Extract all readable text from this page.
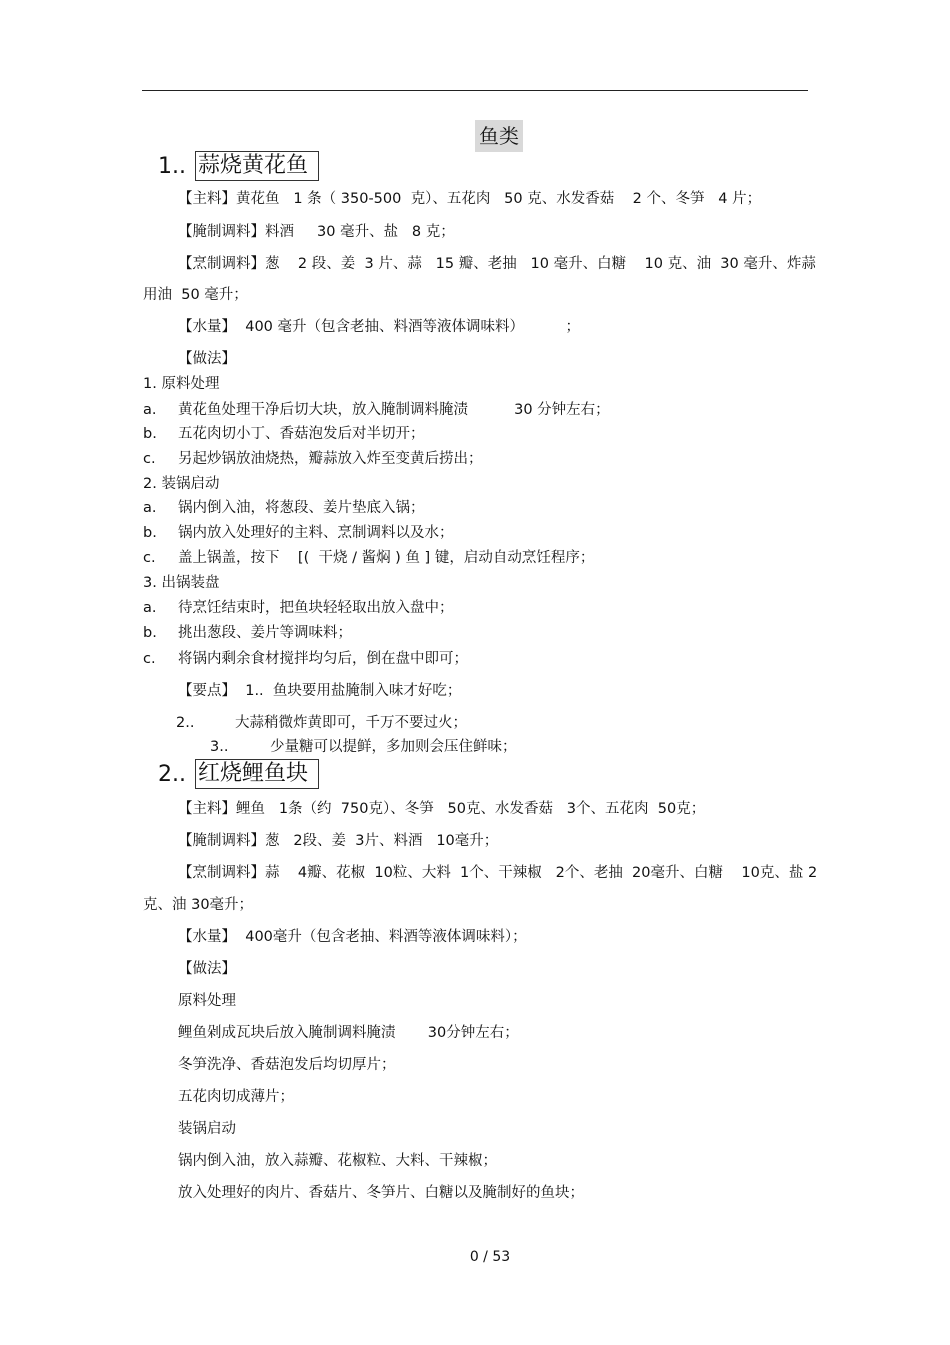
鱼类
1.. 蒜烧黄花鱼
【主料】黄花鱼   1 条（ 350-500  克）、五花肉   50 克、水发香菇    2 个、冬笋   4 片；
【腌制调料】料酒     30 毫升、盐   8 克；
【烹制调料】葱    2 段、姜  3 片、蒜   15 瓣、老抽   10 毫升、白糖    10 克、油  30 毫升、炸蒜
用油  50 毫升；
【水量】  400 毫升（包含老抽、料酒等液体调味料）         ；
【做法】
1. 原料处理
a. 黄花鱼处理干净后切大块，放入腌制调料腌渍          30 分钟左右；
b. 五花肉切小丁、香菇泡发后对半切开；
c. 另起炒锅放油烧热，瓣蒜放入炸至变黄后捞出；
2. 装锅启动
a. 锅内倒入油，将葱段、姜片垫底入锅；
b. 锅内放入处理好的主料、烹制调料以及水；
c. 盖上锅盖，按下    [(  干烧 / 酱焖 ) 鱼 ] 键，启动自动烹饪程序；
3. 出锅装盘
a. 待烹饪结束时，把鱼块轻轻取出放入盘中；
b. 挑出葱段、姜片等调味料；
c. 将锅内剩余食材搅拌均匀后，倒在盘中即可；
【要点】  1..  鱼块要用盐腌制入味才好吃；
2..	大蒜稍微炸黄即可，千万不要过火；
3..	少量糖可以提鲜，多加则会压住鲜味；
2.. 红烧鲤鱼块
【主料】鲤鱼   1条（约  750克）、冬笋   50克、水发香菇   3个、五花肉  50克；
【腌制调料】葱   2段、姜  3片、料酒   10毫升；
【烹制调料】蒜    4瓣、花椒  10粒、大料  1个、干辣椒   2个、老抽  20毫升、白糖    10克、盐 2
克、油 30毫升；
【水量】  400毫升（包含老抽、料酒等液体调味料）；
【做法】
原料处理
鲤鱼剁成瓦块后放入腌制调料腌渍       30分钟左右；
冬笋洗净、香菇泡发后均切厚片；
五花肉切成薄片；
装锅启动
锅内倒入油，放入蒜瓣、花椒粒、大料、干辣椒；
放入处理好的肉片、香菇片、冬笋片、白糖以及腌制好的鱼块；
0 / 53
